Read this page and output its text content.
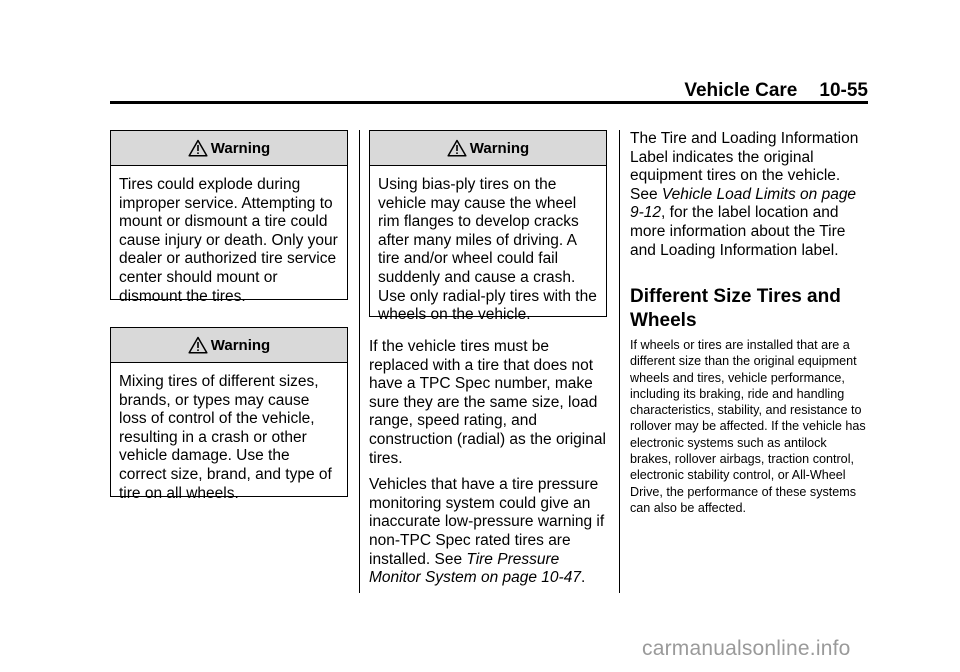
Vehicle Care 10-55
Warning
Tires could explode during improper service. Attempting to mount or dismount a tire could cause injury or death. Only your dealer or authorized tire service center should mount or dismount the tires.
Warning
Mixing tires of different sizes, brands, or types may cause loss of control of the vehicle, resulting in a crash or other vehicle damage. Use the correct size, brand, and type of tire on all wheels.
Warning
Using bias-ply tires on the vehicle may cause the wheel rim flanges to develop cracks after many miles of driving. A tire and/or wheel could fail suddenly and cause a crash. Use only radial-ply tires with the wheels on the vehicle.

If the vehicle tires must be replaced with a tire that does not have a TPC Spec number, make sure they are the same size, load range, speed rating, and construction (radial) as the original tires.

Vehicles that have a tire pressure monitoring system could give an inaccurate low-pressure warning if non-TPC Spec rated tires are installed. See Tire Pressure Monitor System on page 10-47.

The Tire and Loading Information Label indicates the original equipment tires on the vehicle. See Vehicle Load Limits on page 9-12, for the label location and more information about the Tire and Loading Information label.

Different Size Tires and Wheels
If wheels or tires are installed that are a different size than the original equipment wheels and tires, vehicle performance, including its braking, ride and handling characteristics, stability, and resistance to rollover may be affected. If the vehicle has electronic systems such as antilock brakes, rollover airbags, traction control, electronic stability control, or All-Wheel Drive, the performance of these systems can also be affected.
carmanualsonline.info
